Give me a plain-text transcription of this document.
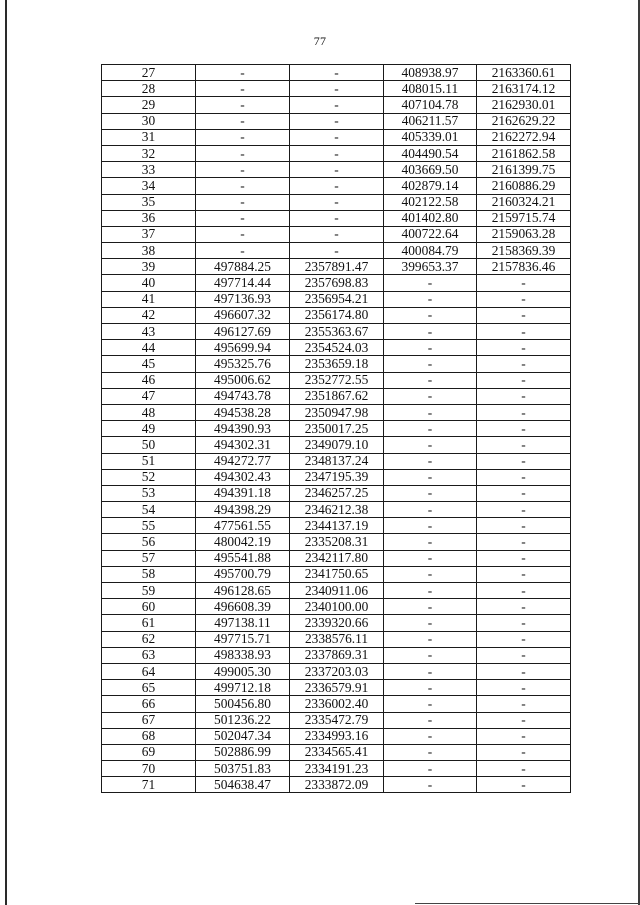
77
27	-	-	408938.97	2163360.61
28	-	-	408015.11	2163174.12
29	-	-	407104.78	2162930.01
30	-	-	406211.57	2162629.22
31	-	-	405339.01	2162272.94
32	-	-	404490.54	2161862.58
33	-	-	403669.50	2161399.75
34	-	-	402879.14	2160886.29
35	-	-	402122.58	2160324.21
36	-	-	401402.80	2159715.74
37	-	-	400722.64	2159063.28
38	-	-	400084.79	2158369.39
39	497884.25	2357891.47	399653.37	2157836.46
40	497714.44	2357698.83	-	-
41	497136.93	2356954.21	-	-
42	496607.32	2356174.80	-	-
43	496127.69	2355363.67	-	-
44	495699.94	2354524.03	-	-
45	495325.76	2353659.18	-	-
46	495006.62	2352772.55	-	-
47	494743.78	2351867.62	-	-
48	494538.28	2350947.98	-	-
49	494390.93	2350017.25	-	-
50	494302.31	2349079.10	-	-
51	494272.77	2348137.24	-	-
52	494302.43	2347195.39	-	-
53	494391.18	2346257.25	-	-
54	494398.29	2346212.38	-	-
55	477561.55	2344137.19	-	-
56	480042.19	2335208.31	-	-
57	495541.88	2342117.80	-	-
58	495700.79	2341750.65	-	-
59	496128.65	2340911.06	-	-
60	496608.39	2340100.00	-	-
61	497138.11	2339320.66	-	-
62	497715.71	2338576.11	-	-
63	498338.93	2337869.31	-	-
64	499005.30	2337203.03	-	-
65	499712.18	2336579.91	-	-
66	500456.80	2336002.40	-	-
67	501236.22	2335472.79	-	-
68	502047.34	2334993.16	-	-
69	502886.99	2334565.41	-	-
70	503751.83	2334191.23	-	-
71	504638.47	2333872.09	-	-
